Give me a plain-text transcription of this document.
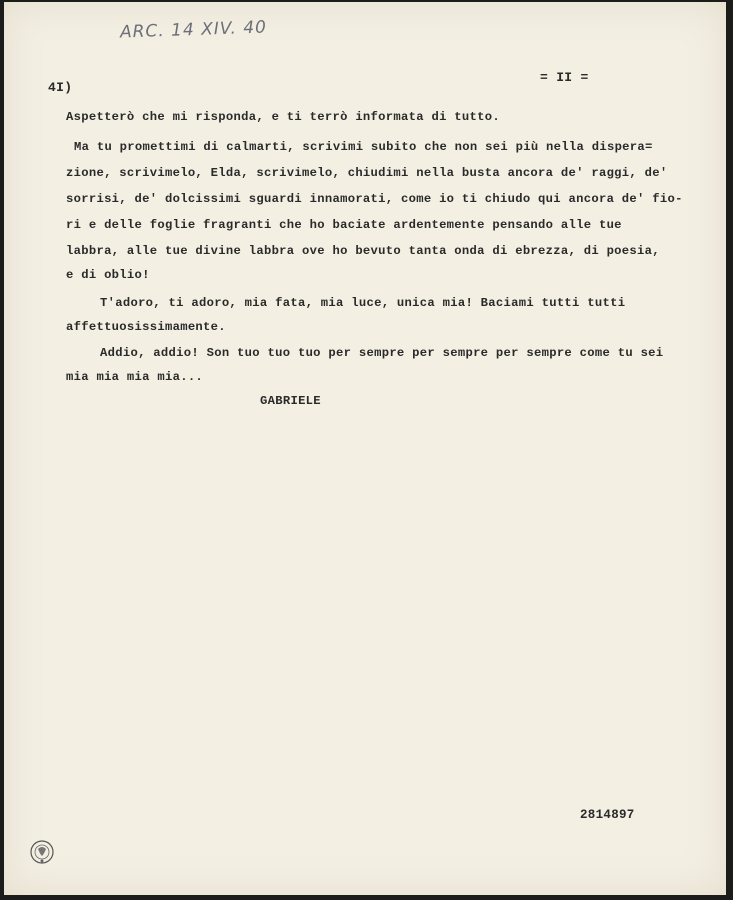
ARC. 14 XIV. 40
4I)
= II =
Aspetterò che mi risponda, e ti terrò informata di tutto.
Ma tu promettimi di calmarti, scrivimi subito che non sei più nella dispera=
zione, scrivimelo, Elda, scrivimelo, chiudimi nella busta ancora de' raggi, de'
sorrisi, de' dolcissimi sguardi innamorati, come io ti chiudo qui ancora de' fio-
ri e delle foglie fragranti che ho baciate ardentemente pensando alle tue
labbra, alle tue divine labbra ove ho bevuto tanta onda di ebrezza, di poesia,
e di oblio!
T'adoro, ti adoro, mia fata, mia luce, unica mia! Baciami tutti tutti
affettuosissimamente.
Addio, addio! Son tuo tuo tuo per sempre per sempre per sempre come tu sei
mia mia mia mia...
GABRIELE
2814897
